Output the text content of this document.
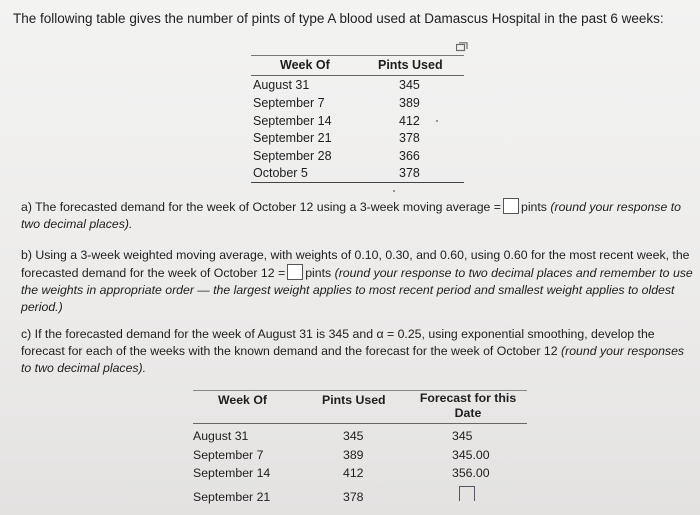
The following table gives the number of pints of type A blood used at Damascus Hospital in the past 6 weeks:
Week Of	Pints Used
August 31	345
September 7	389
September 14	412
September 21	378
September 28	366
October 5	378
a) The forecasted demand for the week of October 12 using a 3-week moving average = pints (round your response to two decimal places).
b) Using a 3-week weighted moving average, with weights of 0.10, 0.30, and 0.60, using 0.60 for the most recent week, the forecasted demand for the week of October 12 = pints (round your response to two decimal places and remember to use the weights in appropriate order — the largest weight applies to most recent period and smallest weight applies to oldest period.)
c) If the forecasted demand for the week of August 31 is 345 and α = 0.25, using exponential smoothing, develop the forecast for each of the weeks with the known demand and the forecast for the week of October 12 (round your responses to two decimal places).
Week Of	Pints Used	Forecast for this
Date
August 31	345	345
September 7	389	345.00
September 14	412	356.00
September 21	378
